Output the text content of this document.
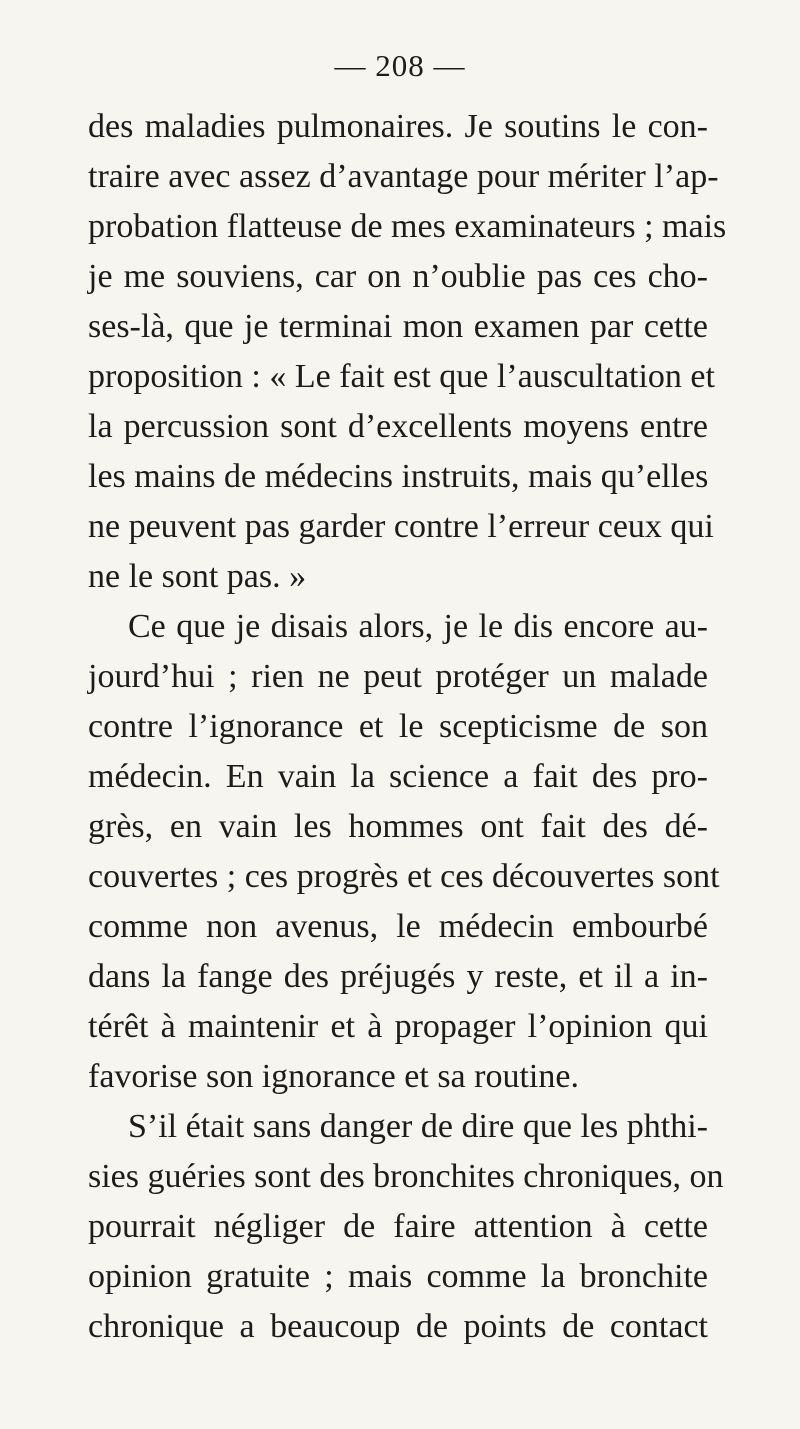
— 208 —
des maladies pulmonaires. Je soutins le con-
traire avec assez d’avantage pour mériter l’ap-
probation flatteuse de mes examinateurs ; mais
je me souviens, car on n’oublie pas ces cho-
ses-là, que je terminai mon examen par cette
proposition : « Le fait est que l’auscultation et
la percussion sont d’excellents moyens entre
les mains de médecins instruits, mais qu’elles
ne peuvent pas garder contre l’erreur ceux qui
ne le sont pas. »
Ce que je disais alors, je le dis encore au-
jourd’hui ; rien ne peut protéger un malade
contre l’ignorance et le scepticisme de son
médecin. En vain la science a fait des pro-
grès, en vain les hommes ont fait des dé-
couvertes ; ces progrès et ces découvertes sont
comme non avenus, le médecin embourbé
dans la fange des préjugés y reste, et il a in-
térêt à maintenir et à propager l’opinion qui
favorise son ignorance et sa routine.
S’il était sans danger de dire que les phthi-
sies guéries sont des bronchites chroniques, on
pourrait négliger de faire attention à cette
opinion gratuite ; mais comme la bronchite
chronique a beaucoup de points de contact
